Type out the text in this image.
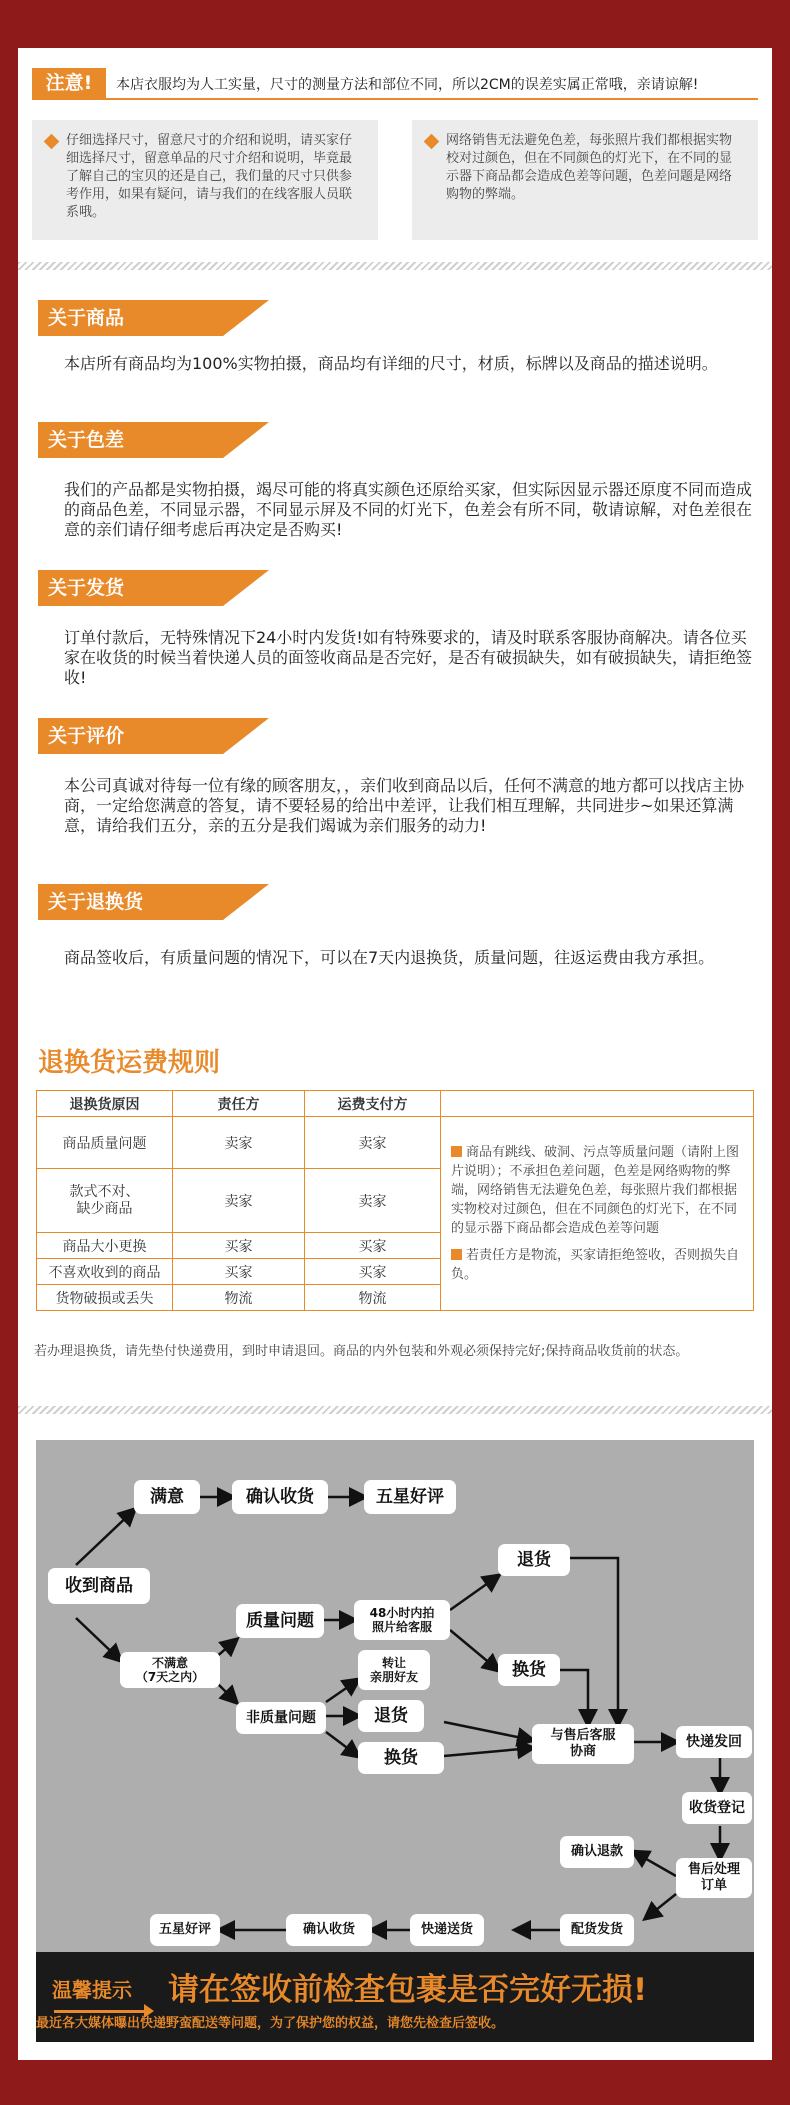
注意!	本店衣服均为人工实量，尺寸的测量方法和部位不同，所以2CM的误差实属正常哦，亲请谅解!
仔细选择尺寸，留意尺寸的介绍和说明，请买家仔细选择尺寸，留意单品的尺寸介绍和说明，毕竟最了解自己的宝贝的还是自己，我们量的尺寸只供参考作用，如果有疑问，请与我们的在线客服人员联系哦。
网络销售无法避免色差，每张照片我们都根据实物校对过颜色，但在不同颜色的灯光下，在不同的显示器下商品都会造成色差等问题，色差问题是网络购物的弊端。
关于商品
本店所有商品均为100%实物拍摄，商品均有详细的尺寸，材质，标牌以及商品的描述说明。
关于色差
我们的产品都是实物拍摄，竭尽可能的将真实颜色还原给买家，但实际因显示器还原度不同而造成的商品色差，不同显示器，不同显示屏及不同的灯光下，色差会有所不同，敬请谅解，对色差很在意的亲们请仔细考虑后再决定是否购买!
关于发货
订单付款后，无特殊情况下24小时内发货!如有特殊要求的，请及时联系客服协商解决。请各位买家在收货的时候当着快递人员的面签收商品是否完好，是否有破损缺失，如有破损缺失，请拒绝签收!
关于评价
本公司真诚对待每一位有缘的顾客朋友，，亲们收到商品以后，任何不满意的地方都可以找店主协商，一定给您满意的答复，请不要轻易的给出中差评，让我们相互理解，共同进步~如果还算满意，请给我们五分，亲的五分是我们竭诚为亲们服务的动力!
关于退换货
商品签收后，有质量问题的情况下，可以在7天内退换货，质量问题，往返运费由我方承担。
退换货运费规则
退换货原因	责任方	运费支付方	
商品质量问题	卖家	卖家	商品有跳线、破洞、污点等质量问题（请附上图片说明）；不承担色差问题，色差是网络购物的弊端，网络销售无法避免色差，每张照片我们都根据实物校对过颜色，但在不同颜色的灯光下，在不同的显示器下商品都会造成色差等问题
若责任方是物流，买家请拒绝签收，否则损失自负。

款式不对、
缺少商品	卖家	卖家	
商品大小更换	买家	买家	
不喜欢收到的商品	买家	买家	
货物破损或丢失	物流	物流	
若办理退换货，请先垫付快递费用，到时申请退回。商品的内外包装和外观必须保持完好;保持商品收货前的状态。
收到商品
满意	确认收货	五星好评
不满意
（7天之内）
质量问题	48小时内拍
照片给客服
退货
换货
非质量问题
转让
亲朋好友
退货
换货
与售后客服
协商
快递发回
收货登记
售后处理
订单
确认退款
配货发货
快递送货
确认收货
五星好评
温馨提示 请在签收前检查包裹是否完好无损!
最近各大媒体曝出快递野蛮配送等问题，为了保护您的权益，请您先检查后签收。
